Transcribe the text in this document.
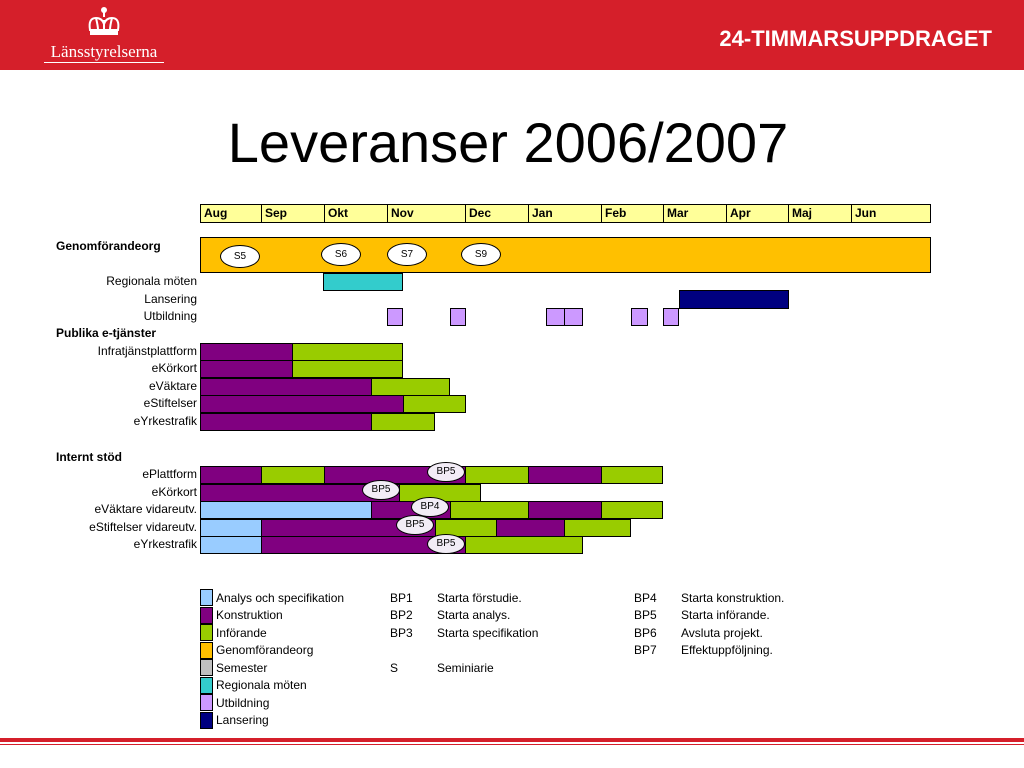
Länsstyrelserna
24-TIMMARSUPPDRAGET
Leveranser 2006/2007
Aug	Sep	Okt	Nov	Dec	Jan	Feb	Mar	Apr	Maj	Jun
Genomförandeorg
S5	S6	S7	S9
Regionala möten
Lansering
Utbildning
Publika e-tjänster
Infratjänstplattform
eKörkort
eVäktare
eStiftelser
eYrkestrafik
Internt stöd
ePlattform	BP5
eKörkort	BP5
eVäktare vidareutv.	BP4
eStiftelser vidareutv.	BP5
eYrkestrafik	BP5
Analys och specifikation
Konstruktion
Införande
Genomförandeorg
Semester
Regionala möten
Utbildning
Lansering
BP1 Starta förstudie.
BP2 Starta analys.
BP3 Starta specifikation
S	Seminiarie
BP4 Starta konstruktion.
BP5 Starta införande.
BP6 Avsluta projekt.
BP7 Effektuppföljning.
